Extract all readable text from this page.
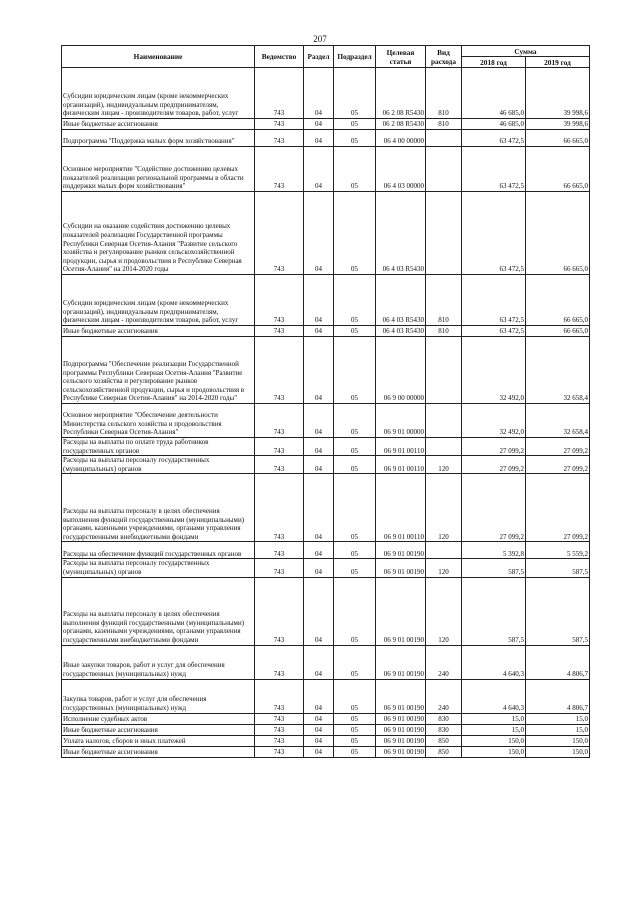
207
Наименование	Ведомство	Раздел	Подраздел	Целевая статья	Вид расхода	Сумма	
						2018 год	2019 год
Субсидии юридическим лицам (кроме некоммерческих организаций), индивидуальным предпринимателям, физическим лицам - производителям товаров, работ, услуг	743	04	05	06 2 08 R5430	810	46 685,0	39 998,6
Иные бюджетные ассигнования	743	04	05	06 2 08 R5430	810	46 685,0	39 998,6
Подпрограмма "Поддержка малых форм хозяйствования"	743	04	05	06 4 00 00000		63 472,5	66 665,0
Основное мероприятие "Содействие достижению целевых показателей реализации региональной программы в области поддержки малых форм хозяйствования"	743	04	05	06 4 03 00000		63 472,5	66 665,0
Субсидии на оказание содействия достижению целевых показателей реализации Государственной программы Республики Северная Осетия-Алания "Развитие сельского хозяйства и регулирование рынков сельскохозяйственной продукции, сырья и продовольствия в Республике Северная Осетия-Алания" на 2014-2020 годы	743	04	05	06 4 03 R5430		63 472,5	66 665,0
Субсидии юридическим лицам (кроме некоммерческих организаций), индивидуальным предпринимателям, физическим лицам - производителям товаров, работ, услуг	743	04	05	06 4 03 R5430	810	63 472,5	66 665,0
Иные бюджетные ассигнования	743	04	05	06 4 03 R5430	810	63 472,5	66 665,0
Подпрограмма "Обеспечение реализации Государственной программы Республики Северная Осетия-Алания "Развитие сельского хозяйства и регулирование рынков сельскохозяйственной продукции, сырья и продовольствия в Республике Северная Осетия-Алания" на 2014-2020 годы"	743	04	05	06 9 00 00000		32 492,0	32 658,4
Основное мероприятие "Обеспечение деятельности Министерства сельского хозяйства и продовольствия Республики Северная Осетия-Алания"	743	04	05	06 9 01 00000		32 492,0	32 658,4
Расходы на выплаты по оплате труда работников государственных органов	743	04	05	06 9 01 00110		27 099,2	27 099,2
Расходы на выплаты персоналу государственных (муниципальных) органов	743	04	05	06 9 01 00110	120	27 099,2	27 099,2
Расходы на выплаты персоналу в целях обеспечения выполнения функций государственными (муниципальными) органами, казенными учреждениями, органами управления государственными внебюджетными фондами	743	04	05	06 9 01 00110	120	27 099,2	27 099,2
Расходы на обеспечение функций государственных органов	743	04	05	06 9 01 00190		5 392,8	5 559,2
Расходы на выплаты персоналу государственных (муниципальных) органов	743	04	05	06 9 01 00190	120	587,5	587,5
Расходы на выплаты персоналу в целях обеспечения выполнения функций государственными (муниципальными) органами, казенными учреждениями, органами управления государственными внебюджетными фондами	743	04	05	06 9 01 00190	120	587,5	587,5
Иные закупки товаров, работ и услуг для обеспечения государственных (муниципальных) нужд	743	04	05	06 9 01 00190	240	4 640,3	4 806,7
Закупка товаров, работ и услуг для обеспечения государственных (муниципальных) нужд	743	04	05	06 9 01 00190	240	4 640,3	4 806,7
Исполнение судебных актов	743	04	05	06 9 01 00190	830	15,0	15,0
Иные бюджетные ассигнования	743	04	05	06 9 01 00190	830	15,0	15,0
Уплата налогов, сборов и иных платежей	743	04	05	06 9 01 00190	850	150,0	150,0
Иные бюджетные ассигнования	743	04	05	06 9 01 00190	850	150,0	150,0
